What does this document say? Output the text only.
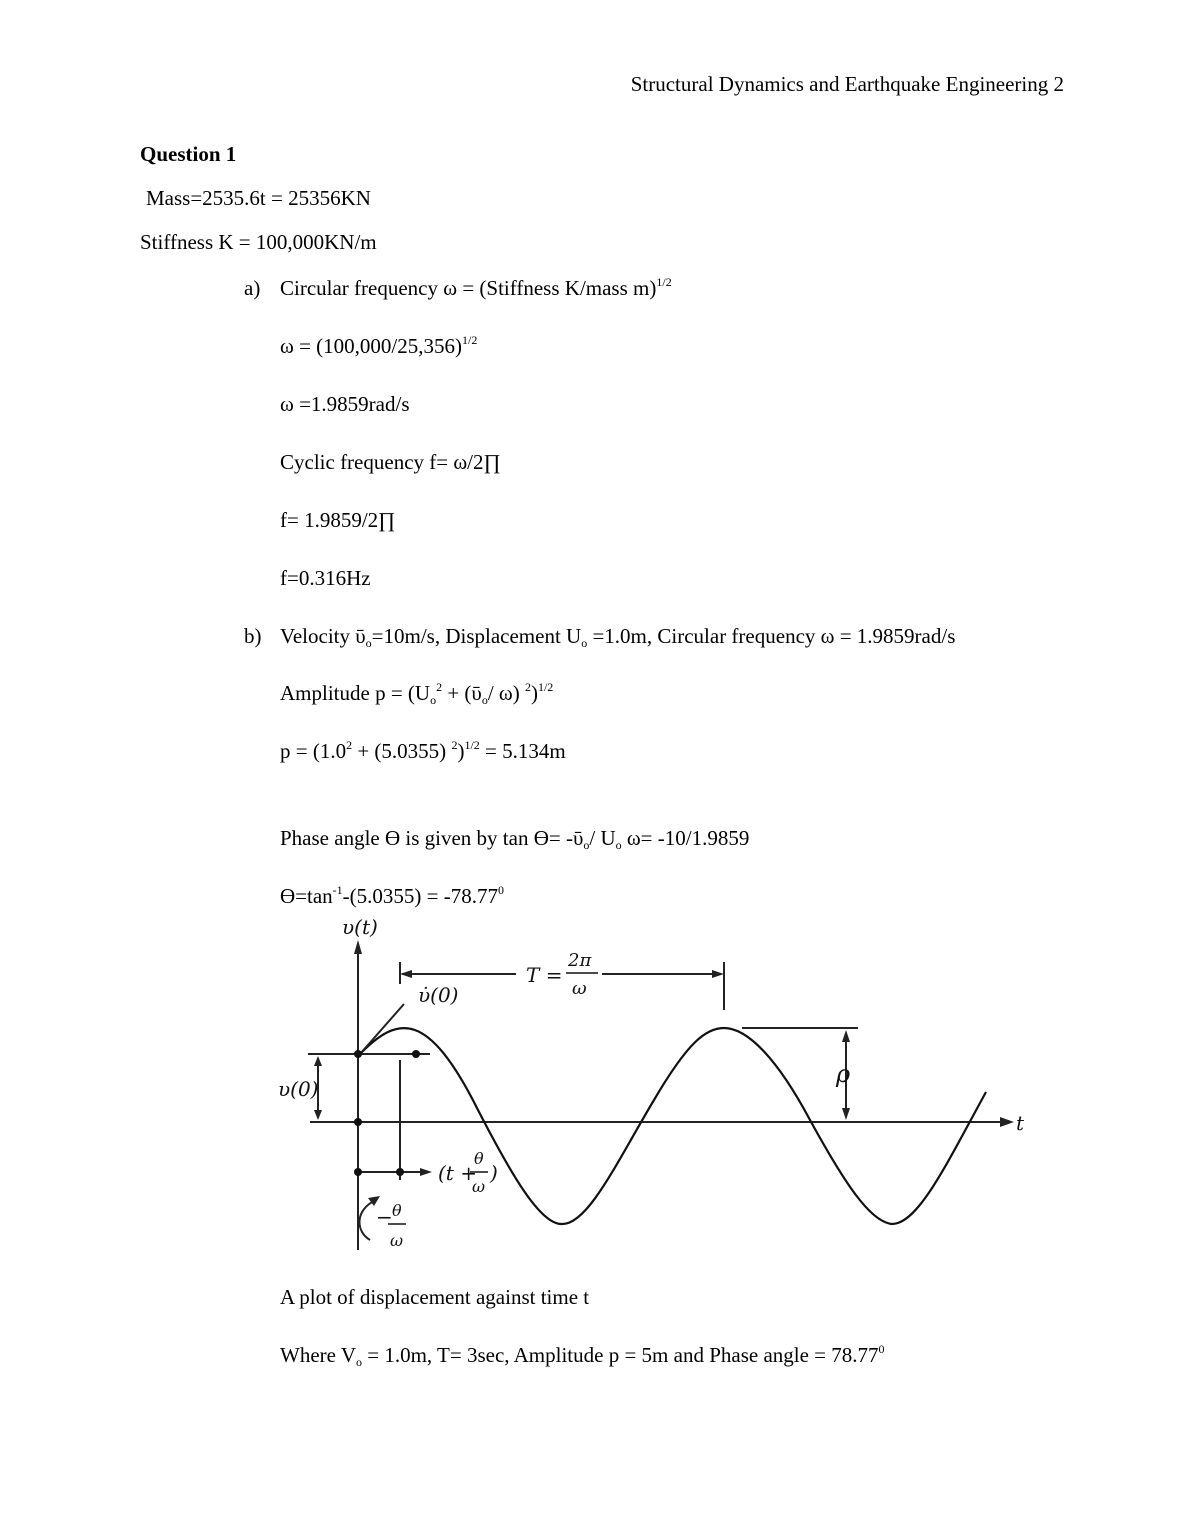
Structural Dynamics and Earthquake Engineering 2
Question 1
Mass=2535.6t = 25356KN
Stiffness K = 100,000KN/m
a) Circular frequency ω = (Stiffness K/mass m)$^{1/2}$
$\omega = (100,000/25,356)^{1/2}$
ω =1.9859rad/s
Cyclic frequency f= ω/2∏
f= 1.9859/2∏
f=0.316Hz
b) Velocity ῡ$_o$=10m/s, Displacement $U_o =1.0m$, Circular frequency ω = 1.9859rad/s
Amplitude $p = (U_o^2$ + (ῡ$_o$/ ω) $^2$)$^{1/2}$
$p = (1.0^2 + (5.0355) ^2)^{1/2} = 5.134m$
Phase angle Ө is given by tan Ө= -ῡ$_o$/ $U_o$ ω= -10/1.9859
$Ө=\tan^{-1}-(5.0355) = -78.77^0$
υ(t)
T =
2π
ω
υ̇(0)
υ(0)
ρ
t
(t +
θ
ω
)
− θ
ω
A plot of displacement against time t
Where $V_o = 1.0m$, T= 3sec, Amplitude p = 5m and Phase angle = $78.77^0$
